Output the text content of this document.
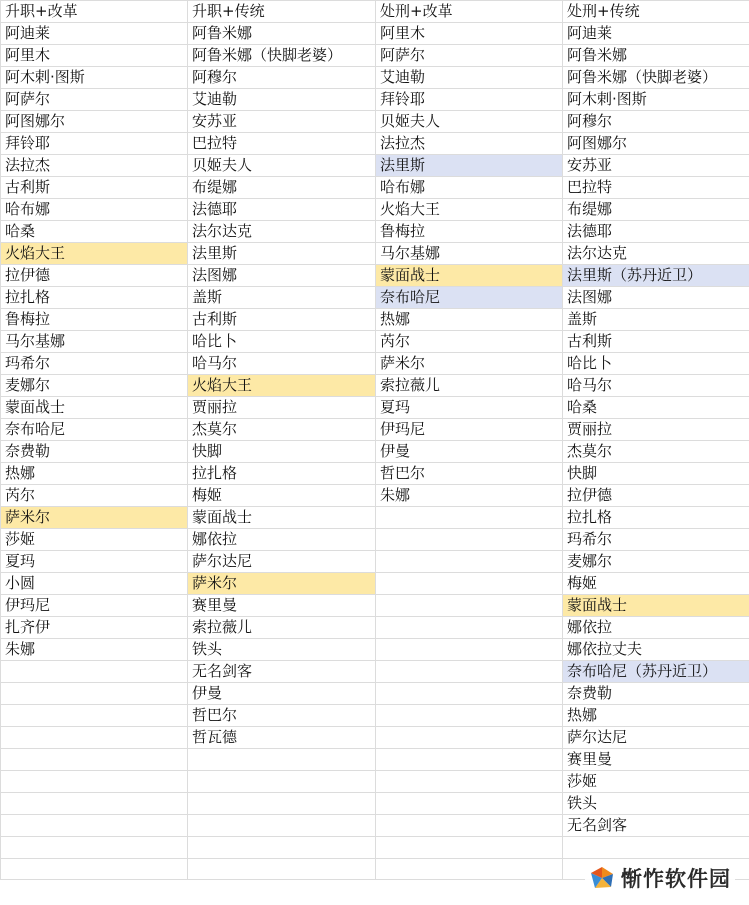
升职+改革	升职+传统	处刑+改革	处刑+传统
阿迪莱	阿鲁米娜	阿里木	阿迪莱
阿里木	阿鲁米娜（快脚老婆）	阿萨尔	阿鲁米娜
阿木剌·图斯	阿穆尔	艾迪勒	阿鲁米娜（快脚老婆）
阿萨尔	艾迪勒	拜铃耶	阿木剌·图斯
阿图娜尔	安苏亚	贝姬夫人	阿穆尔
拜铃耶	巴拉特	法拉杰	阿图娜尔
法拉杰	贝姬夫人	法里斯	安苏亚
古利斯	布缇娜	哈布娜	巴拉特
哈布娜	法德耶	火焰大王	布缇娜
哈桑	法尔达克	鲁梅拉	法德耶
火焰大王	法里斯	马尔基娜	法尔达克
拉伊德	法图娜	蒙面战士	法里斯（苏丹近卫）
拉扎格	盖斯	奈布哈尼	法图娜
鲁梅拉	古利斯	热娜	盖斯
马尔基娜	哈比卜	芮尔	古利斯
玛希尔	哈马尔	萨米尔	哈比卜
麦娜尔	火焰大王	索拉薇儿	哈马尔
蒙面战士	贾丽拉	夏玛	哈桑
奈布哈尼	杰莫尔	伊玛尼	贾丽拉
奈费勒	快脚	伊曼	杰莫尔
热娜	拉扎格	哲巴尔	快脚
芮尔	梅姬	朱娜	拉伊德
萨米尔	蒙面战士		拉扎格
莎姬	娜依拉		玛希尔
夏玛	萨尔达尼		麦娜尔
小圆	萨米尔		梅姬
伊玛尼	赛里曼		蒙面战士
扎齐伊	索拉薇儿		娜依拉
朱娜	铁头		娜依拉丈夫
	无名剑客		奈布哈尼（苏丹近卫）
	伊曼		奈费勒
	哲巴尔		热娜
	哲瓦德		萨尔达尼
			赛里曼
			莎姬
			铁头
			无名剑客

惭怍软件园
